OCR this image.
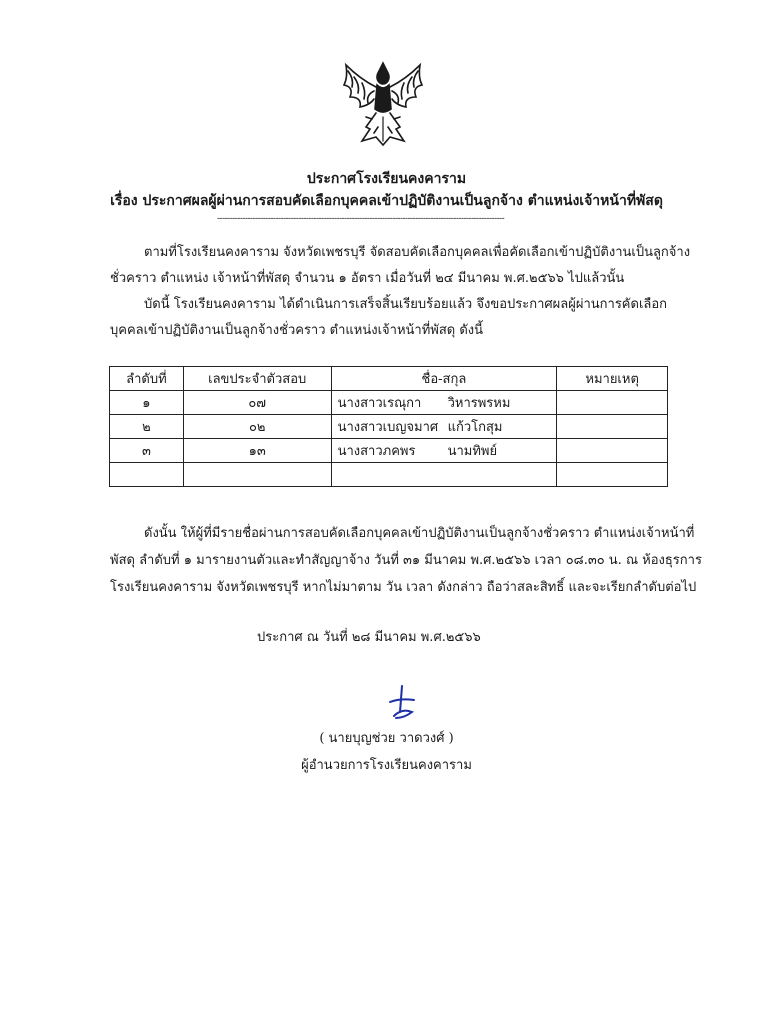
ประกาศโรงเรียนคงคาราม
เรื่อง ประกาศผลผู้ผ่านการสอบคัดเลือกบุคคลเข้าปฏิบัติงานเป็นลูกจ้าง ตำแหน่งเจ้าหน้าที่พัสดุ
-----------------------------------------------------------------------------------------------------------------
ตามที่โรงเรียนคงคาราม จังหวัดเพชรบุรี จัดสอบคัดเลือกบุคคลเพื่อคัดเลือกเข้าปฏิบัติงานเป็นลูกจ้าง
ชั่วคราว ตำแหน่ง เจ้าหน้าที่พัสดุ จำนวน ๑ อัตรา เมื่อวันที่ ๒๔ มีนาคม พ.ศ.๒๕๖๖ ไปแล้วนั้น
บัดนี้ โรงเรียนคงคาราม ได้ดำเนินการเสร็จสิ้นเรียบร้อยแล้ว จึงขอประกาศผลผู้ผ่านการคัดเลือก
บุคคลเข้าปฏิบัติงานเป็นลูกจ้างชั่วคราว ตำแหน่งเจ้าหน้าที่พัสดุ ดังนี้
ลำดับที่	เลขประจำตัวสอบ	ชื่อ-สกุล	หมายเหตุ
๑	๐๗	นางสาวเรณุกา วิหารพรหม	
๒	๐๒	นางสาวเบญจมาศ แก้วโกสุม	
๓	๑๓	นางสาวภคพร นามทิพย์	

ดังนั้น ให้ผู้ที่มีรายชื่อผ่านการสอบคัดเลือกบุคคลเข้าปฏิบัติงานเป็นลูกจ้างชั่วคราว ตำแหน่งเจ้าหน้าที่
พัสดุ ลำดับที่ ๑ มารายงานตัวและทำสัญญาจ้าง วันที่ ๓๑ มีนาคม พ.ศ.๒๕๖๖ เวลา ๐๘.๓๐ น. ณ ห้องธุรการ
โรงเรียนคงคาราม จังหวัดเพชรบุรี หากไม่มาตาม วัน เวลา ดังกล่าว ถือว่าสละสิทธิ์ และจะเรียกลำดับต่อไป
ประกาศ ณ วันที่ ๒๘ มีนาคม พ.ศ.๒๕๖๖
( นายบุญช่วย วาดวงศ์ )
ผู้อำนวยการโรงเรียนคงคาราม
